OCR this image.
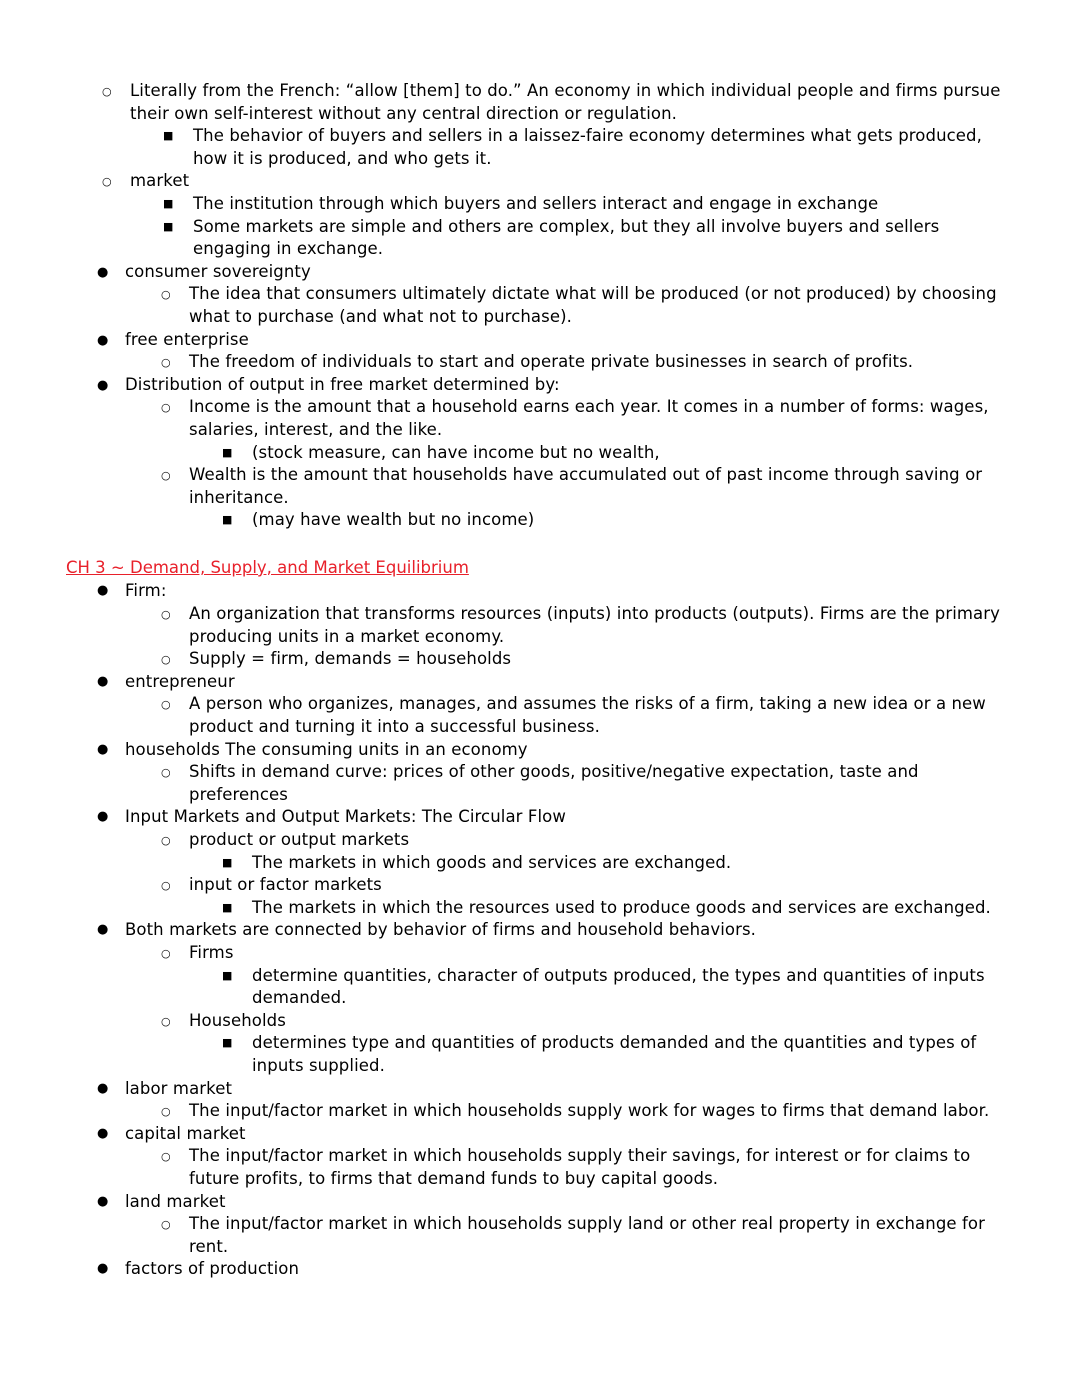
○ Literally from the French: “allow [them] to do.” An economy in which individual people and firms pursue their own self-interest without any central direction or regulation.
■ The behavior of buyers and sellers in a laissez-faire economy determines what gets produced, how it is produced, and who gets it.
○ market
■ The institution through which buyers and sellers interact and engage in exchange
■ Some markets are simple and others are complex, but they all involve buyers and sellers engaging in exchange.
● consumer sovereignty
○ The idea that consumers ultimately dictate what will be produced (or not produced) by choosing what to purchase (and what not to purchase).
● free enterprise
○ The freedom of individuals to start and operate private businesses in search of profits.
● Distribution of output in free market determined by:
○ Income is the amount that a household earns each year. It comes in a number of forms: wages, salaries, interest, and the like.
■ (stock measure, can have income but no wealth,
○ Wealth is the amount that households have accumulated out of past income through saving or inheritance.
■ (may have wealth but no income)
CH 3 ~ Demand, Supply, and Market Equilibrium
● Firm:
○ An organization that transforms resources (inputs) into products (outputs). Firms are the primary producing units in a market economy.
○ Supply = firm, demands = households
● entrepreneur
○ A person who organizes, manages, and assumes the risks of a firm, taking a new idea or a new product and turning it into a successful business.
● households The consuming units in an economy
○ Shifts in demand curve: prices of other goods, positive/negative expectation, taste and preferences
● Input Markets and Output Markets: The Circular Flow
○ product or output markets
■ The markets in which goods and services are exchanged.
○ input or factor markets
■ The markets in which the resources used to produce goods and services are exchanged.
● Both markets are connected by behavior of firms and household behaviors.
○ Firms
■ determine quantities, character of outputs produced, the types and quantities of inputs demanded.
○ Households
■ determines type and quantities of products demanded and the quantities and types of inputs supplied.
● labor market
○ The input/factor market in which households supply work for wages to firms that demand labor.
● capital market
○ The input/factor market in which households supply their savings, for interest or for claims to future profits, to firms that demand funds to buy capital goods.
● land market
○ The input/factor market in which households supply land or other real property in exchange for rent.
● factors of production
